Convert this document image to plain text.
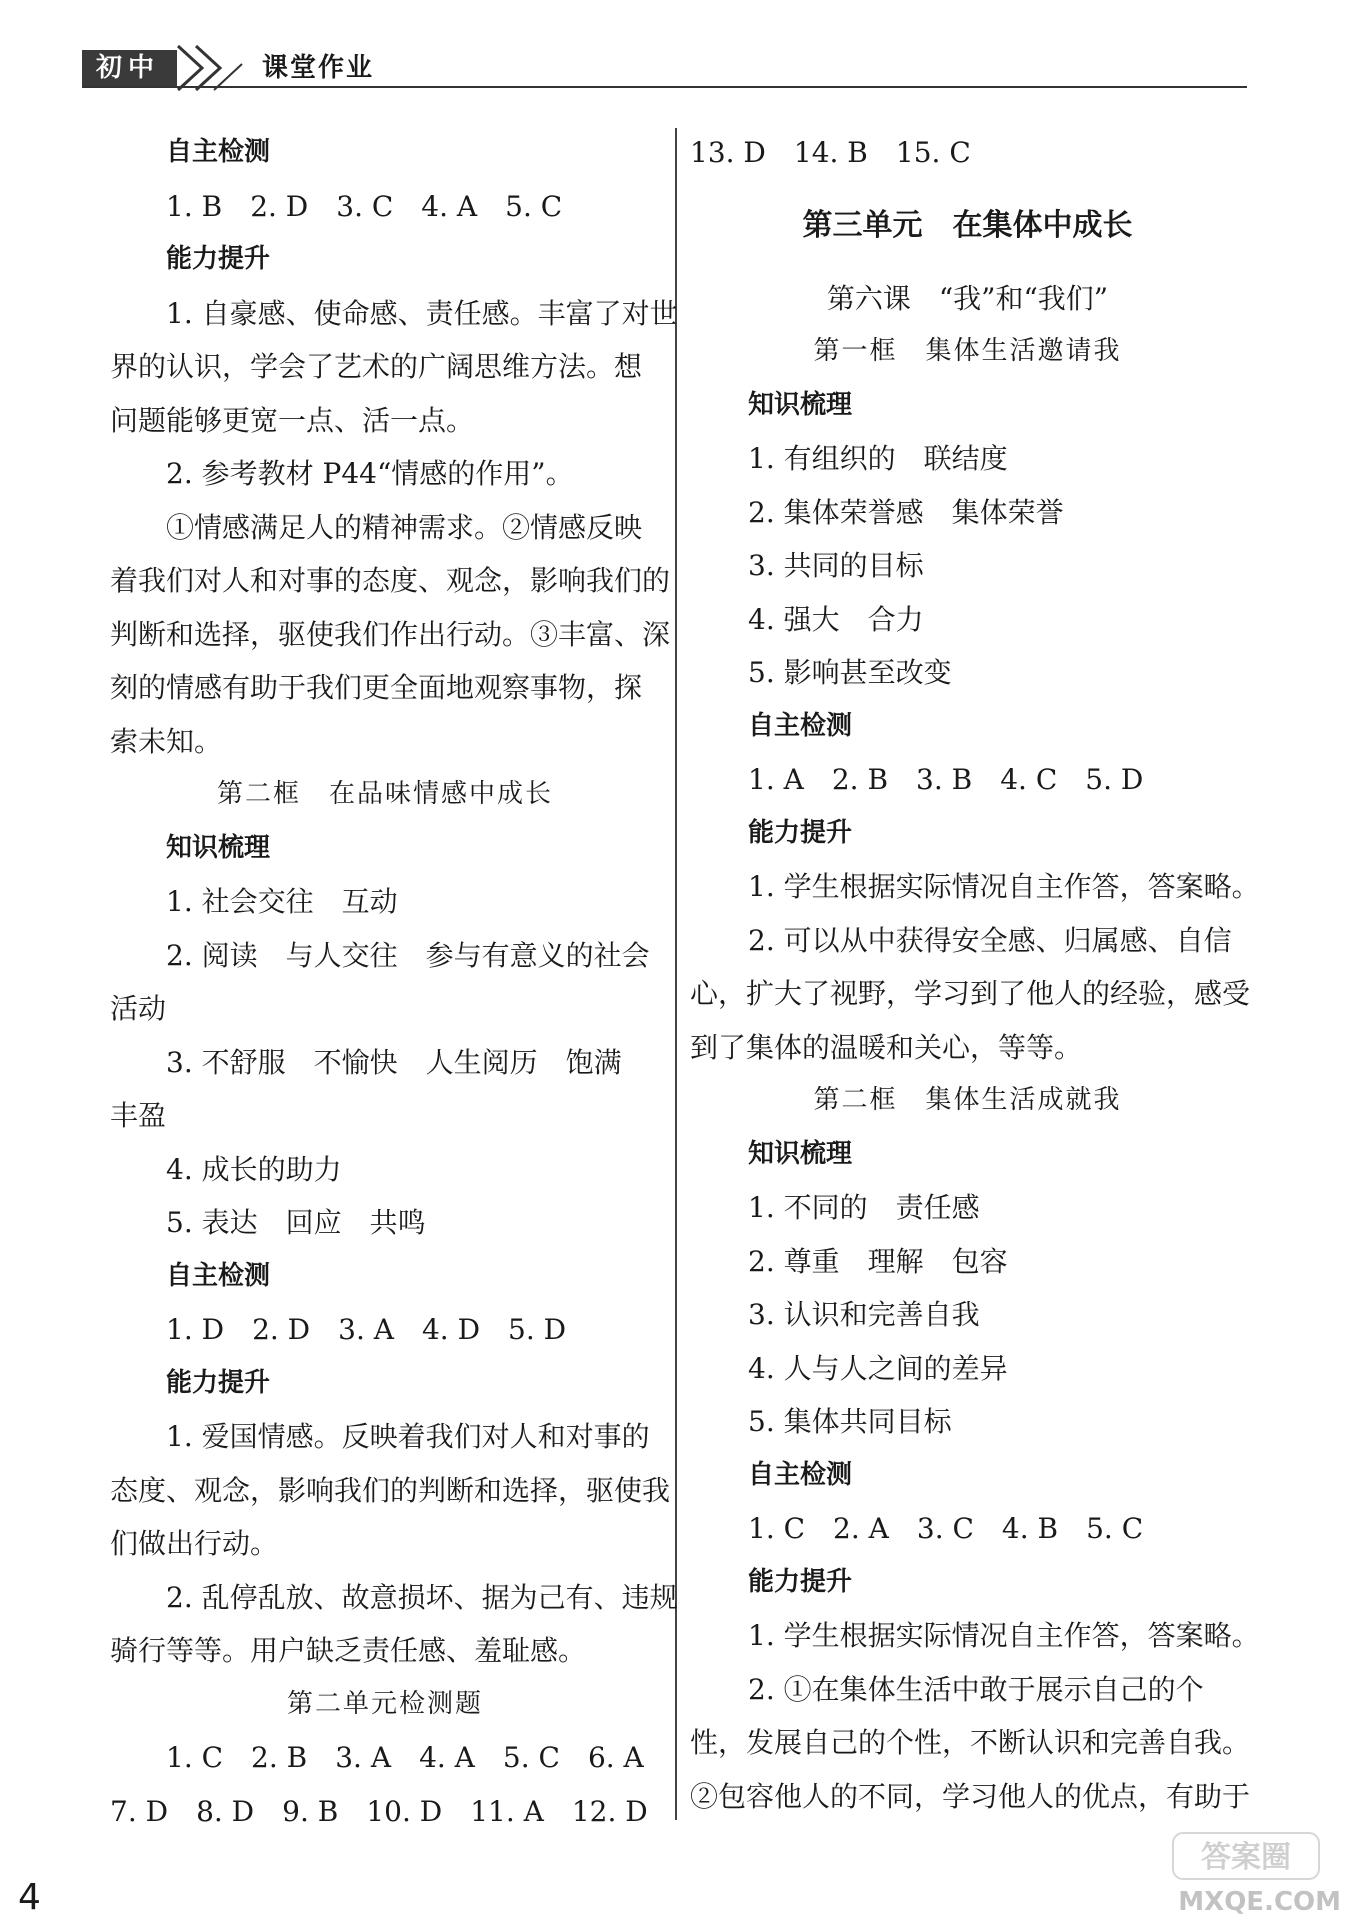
初中	课堂作业
自主检测
1. B　2. D　3. C　4. A　5. C
能力提升
1. 自豪感、使命感、责任感。丰富了对世
界的认识，学会了艺术的广阔思维方法。想
问题能够更宽一点、活一点。
2. 参考教材 P44“情感的作用”。
①情感满足人的精神需求。②情感反映
着我们对人和对事的态度、观念，影响我们的
判断和选择，驱使我们作出行动。③丰富、深
刻的情感有助于我们更全面地观察事物，探
索未知。
第二框　在品味情感中成长
知识梳理
1. 社会交往　互动
2. 阅读　与人交往　参与有意义的社会
活动
3. 不舒服　不愉快　人生阅历　饱满
丰盈
4. 成长的助力
5. 表达　回应　共鸣
自主检测
1. D　2. D　3. A　4. D　5. D
能力提升
1. 爱国情感。反映着我们对人和对事的
态度、观念，影响我们的判断和选择，驱使我
们做出行动。
2. 乱停乱放、故意损坏、据为己有、违规
骑行等等。用户缺乏责任感、羞耻感。
第二单元检测题
1. C　2. B　3. A　4. A　5. C　6. A
7. D　8. D　9. B　10. D　11. A　12. D
13. D　14. B　15. C
第三单元　在集体中成长
第六课　“我”和“我们”
第一框　集体生活邀请我
知识梳理
1. 有组织的　联结度
2. 集体荣誉感　集体荣誉
3. 共同的目标
4. 强大　合力
5. 影响甚至改变
自主检测
1. A　2. B　3. B　4. C　5. D
能力提升
1. 学生根据实际情况自主作答，答案略。
2. 可以从中获得安全感、归属感、自信
心，扩大了视野，学习到了他人的经验，感受
到了集体的温暖和关心，等等。
第二框　集体生活成就我
知识梳理
1. 不同的　责任感
2. 尊重　理解　包容
3. 认识和完善自我
4. 人与人之间的差异
5. 集体共同目标
自主检测
1. C　2. A　3. C　4. B　5. C
能力提升
1. 学生根据实际情况自主作答，答案略。
2. ①在集体生活中敢于展示自己的个
性，发展自己的个性，不断认识和完善自我。
②包容他人的不同，学习他人的优点，有助于
4
答案圈
MXQE.COM
